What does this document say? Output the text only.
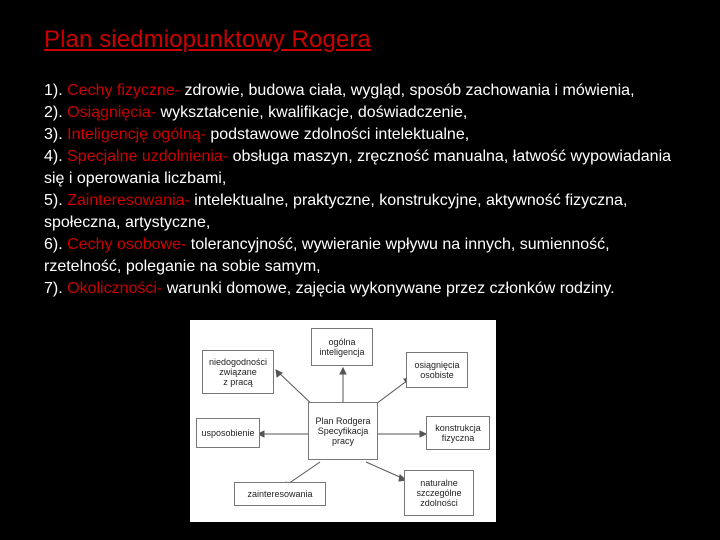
Plan siedmiopunktowy Rogera
1). Cechy fizyczne- zdrowie, budowa ciała, wygląd, sposób zachowania i mówienia,
2). Osiągnięcia- wykształcenie, kwalifikacje, doświadczenie,
3). Inteligencję ogólną- podstawowe zdolności intelektualne,
4). Specjalne uzdolnienia- obsługa maszyn, zręczność manualna, łatwość wypowiadania się i operowania liczbami,
5). Zainteresowania- intelektualne, praktyczne, konstrukcyjne, aktywność fizyczna, społeczna, artystyczne,
6). Cechy osobowe- tolerancyjność, wywieranie wpływu na innych, sumienność, rzetelność, poleganie na sobie samym,
7). Okoliczności- warunki domowe, zajęcia wykonywane przez członków rodziny.
Plan Rodgera
Specyfikacja
pracy
ogólna
inteligencja
niedogodności
związane
z pracą
osiągnięcia
osobiste
usposobienie	konstrukcja
fizyczna
zainteresowania
naturalne
szczególne
zdolności
